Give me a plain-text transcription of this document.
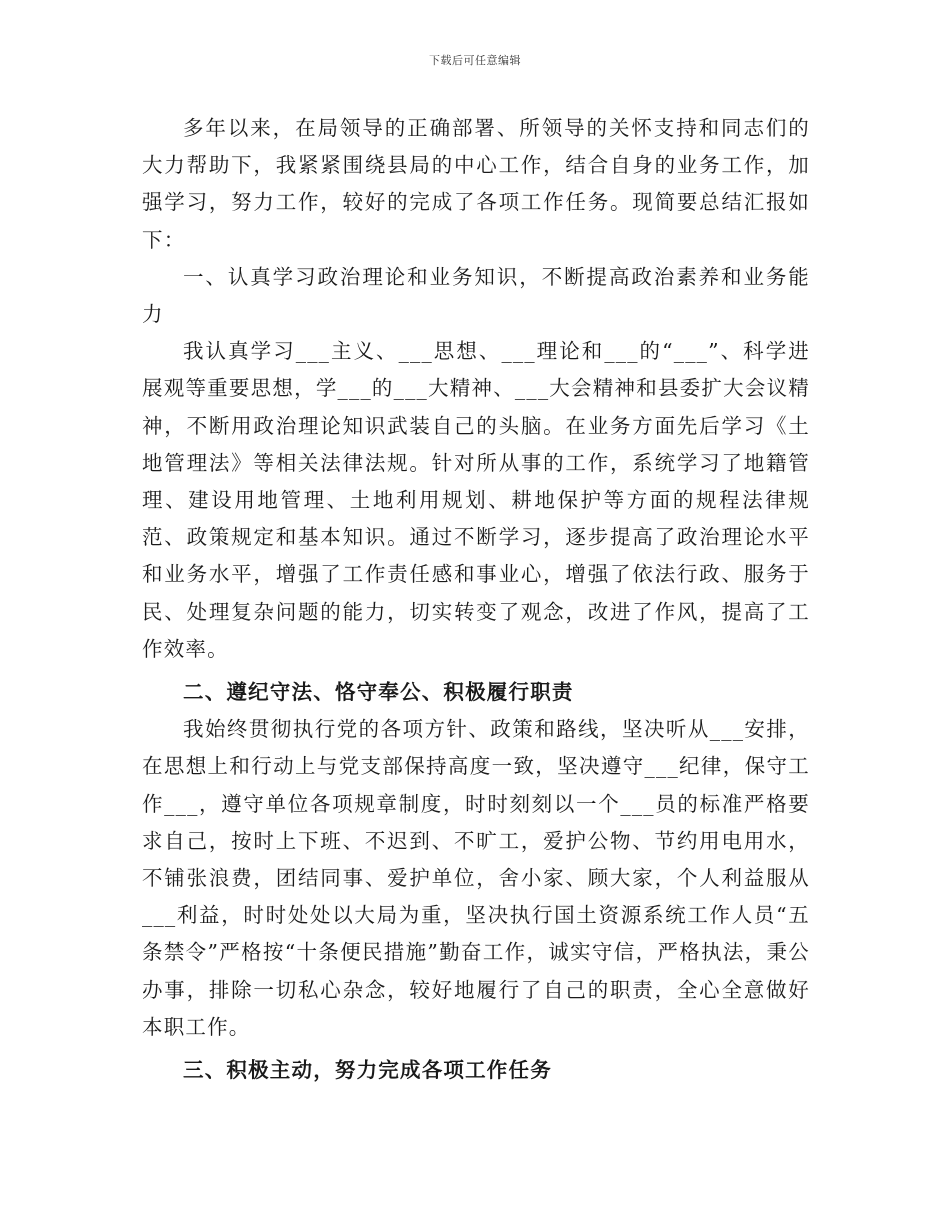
下载后可任意编辑

多年以来，在局领导的正确部署、所领导的关怀支持和同志们的大力帮助下，我紧紧围绕县局的中心工作，结合自身的业务工作，加强学习，努力工作，较好的完成了各项工作任务。现简要总结汇报如下：

一、认真学习政治理论和业务知识，不断提高政治素养和业务能力

我认真学习___主义、___思想、___理论和___的“___”、科学进展观等重要思想，学___的___大精神、___大会精神和县委扩大会议精神，不断用政治理论知识武装自己的头脑。在业务方面先后学习《土地管理法》等相关法律法规。针对所从事的工作，系统学习了地籍管理、建设用地管理、土地利用规划、耕地保护等方面的规程法律规范、政策规定和基本知识。通过不断学习，逐步提高了政治理论水平和业务水平，增强了工作责任感和事业心，增强了依法行政、服务于民、处理复杂问题的能力，切实转变了观念，改进了作风，提高了工作效率。

二、遵纪守法、恪守奉公、积极履行职责

我始终贯彻执行党的各项方针、政策和路线，坚决听从___安排，在思想上和行动上与党支部保持高度一致，坚决遵守___纪律，保守工作___，遵守单位各项规章制度，时时刻刻以一个___员的标准严格要求自己，按时上下班、不迟到、不旷工，爱护公物、节约用电用水，不铺张浪费，团结同事、爱护单位，舍小家、顾大家，个人利益服从___利益，时时处处以大局为重，坚决执行国土资源系统工作人员“五条禁令”严格按“十条便民措施”勤奋工作，诚实守信，严格执法，秉公办事，排除一切私心杂念，较好地履行了自己的职责，全心全意做好本职工作。

三、积极主动，努力完成各项工作任务
